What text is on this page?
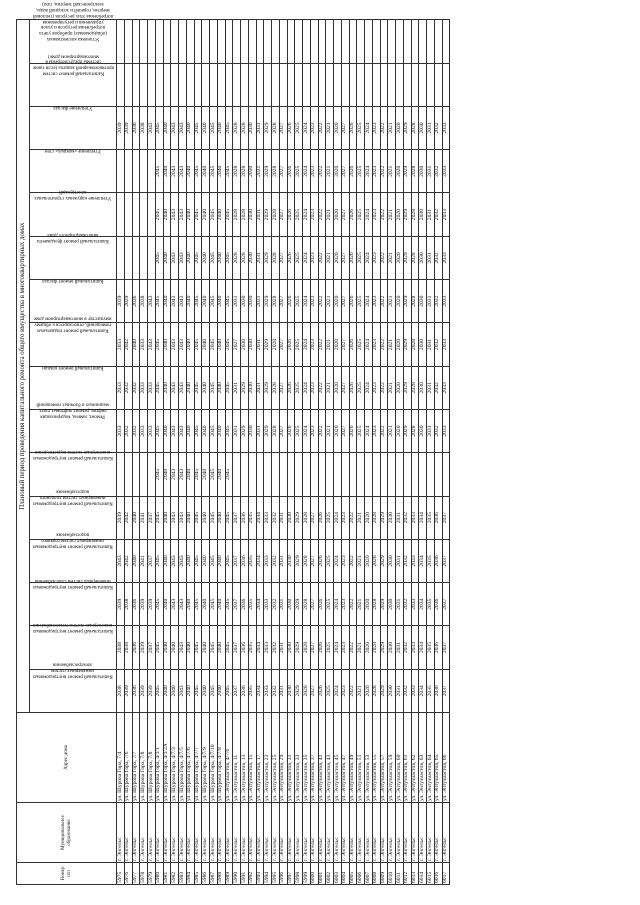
Номер п/п	Муниципальное образование	Адрес дома	Плановый период проведения капитального ремонта общего имущества в многоквартирных домах															
			Капитальный ремонт внутридомовых инженерных систем электроснабжения	Капитальный ремонт внутридомовых инженерных систем теплоснабжения	Капитальный ремонт внутридомовых инженерных систем газоснабжения	Капитальный ремонт внутридомовых инженерных систем горячего водоснабжения	Капитальный ремонт внутридомовых инженерных систем холодного водоснабжения	Капитальный ремонт внутридомовых инженерных систем водоотведения	Ремонт, замена, модернизация лифтов, ремонт лифтовых шахт, машинных и блочных помещений	Капитальный ремонт крыши	Капитальный ремонт подвальных помещений, относящихся к общему имуществу в многоквартирном доме	Капитальный ремонт фасада	Капитальный ремонт фундамента многоквартирного дома	Утепление наружных строительных конструкций	Утепление «мокрых» стен	Утепление фасада	Капитальный ремонт систем противопожарной защиты (если такие системы предусмотрены в многоквартирном доме)	Установка коллективных (общедомовых) приборов учёта потребления ресурсов и узлов управления и регулирования потребления этих ресурсов (тепловой энергии, горячей и холодной воды, электрической энергии, газа)
5975	г. Энгельс	ул. Шурова Гора, 7/4	2038	2038	2039	2043	2039		2033	2033	2033	2039				2039		
5976	г. Энгельс	ул. Шурова Гора, 7/6	2039	2038	2038	2042	2042		2032	2032	2042	2039				2039		
5977	г. Энгельс	ул. Шурова Гора, 7/7	2036	2036	2036	2040	2040		2032	2032	2040	2036				2036		
5978	г. Энгельс	ул. Шурова Гора, 7/8	2039	2039	2039	2041	2041		2033	2033	2033	2038				2038		
5979	г. Энгельс	ул. Шурова Гора, 7/8	2039	2037	2039	2037	2037		2033	2033	2043	2043				2043		
5980	г. Энгельс	ул. Шурова Гора, 4/1/1	2045	2045	2045	2045	2045	2045	2045	2045	2045	2045	2045	2045	2045	2045		
5981	г. Энгельс	ул. Шурова Гора, 4/1/2А	2040	2040	2040	2040	2040	2040	2040	2040	2040	2040	2040	2040	2040	2040		
5982	г. Энгельс	ул. Шурова Гора, 4/7/3	2040	2040	2043	2043	2043	2043	2043	2043	2043	2043	2043	2043	2043	2043		
5983	г. Энгельс	ул. Шурова Гора, 4/7/5	2043	2043	2043	2043	2043	2043	2043	2043	2043	2043	2043	2043	2043	2043		
5984	г. Энгельс	ул. Шурова Гора, 4/7/6	2040	2040	2040	2040	2040	2040	2040	2040	2040	2040	2040	2040	2040	2040		
5985	г. Энгельс	ул. Шурова Гора, 4/7/7	2045	2045	2045	2045	2045	2045	2045	2045	2045	2045	2045	2045	2045	2045		
5986	г. Энгельс	ул. Шурова Гора, 4/7/9	2040	2040	2040	2040	2040	2040	2040	2040	2040	2040	2040	2040	2040	2040		
5987	г. Энгельс	ул. Шурова Гора, 4/7/10	2045	2045	2045	2045	2045	2045	2045	2045	2045	2045	2045	2045	2045	2045		
5988	г. Энгельс	ул. Шурова Гора, 4/7/8	2040	2040	2040	2040	2040	2040	2040	2040	2040	2040	2040	2040	2040	2040		
5989	г. Энгельс	ул. Энтузиастов, 4/7/6	2045	2045	2045	2045	2045	2045	2045	2045	2045	2045	2045	2045	2045	2045		
5990	г. Энгельс	ул. Энтузиастов, 11	2037	2037	2037	2037	2037		2031	2031	2027	2031	2028	2028	2028	2028		
5991	г. Энгельс	ул. Энтузиастов, 13	2036	2036	2036	2036	2036		2029	2029	2030	2030	2028	2028	2028	2028		
5992	г. Энгельс	ул. Энтузиастов, 15	2035	2035	2035	2035	2035		2030	2030	2030	2030	2030	2030	2030	2030		
5993	г. Энгельс	ул. Энтузиастов, 17	2034	2034	2034	2034	2034		2031	2031	2031	2031	2031	2031	2031	2031		
5994	г. Энгельс	ул. Энтузиастов, 23	2033	2033	2033	2033	2033		2029	2029	2029	2029	2029	2029	2029	2029		
5995	г. Энгельс	ул. Энтузиастов, 25	2032	2032	2032	2032	2032		2028	2028	2028	2028	2028	2028	2028	2028		
5996	г. Энгельс	ул. Энтузиастов, 29	2031	2031	2031	2031	2031		2027	2027	2027	2027	2027	2027	2027	2027		
5997	г. Энгельс	ул. Энтузиастов, 31	2030	2030	2030	2030	2030		2026	2026	2026	2026	2026	2026	2026	2026		
5998	г. Энгельс	ул. Энтузиастов, 33	2029	2029	2029	2029	2029		2025	2025	2025	2025	2025	2025	2025	2025		
5999	г. Энгельс	ул. Энтузиастов, 35	2028	2028	2028	2028	2028		2024	2024	2024	2024	2024	2024	2024	2024		
6000	г. Энгельс	ул. Энтузиастов, 37	2027	2027	2027	2027	2027		2023	2023	2023	2023	2023	2023	2023	2023		
6001	г. Энгельс	ул. Энтузиастов, 41	2026	2026	2026	2026	2026		2022	2022	2022	2022	2022	2022	2022	2022		
6002	г. Энгельс	ул. Энтузиастов, 43	2025	2025	2025	2025	2025		2021	2021	2021	2021	2021	2021	2021	2021		
6003	г. Энгельс	ул. Энтузиастов, 45	2024	2024	2024	2024	2024		2020	2020	2020	2020	2020	2020	2020	2020		
6004	г. Энгельс	ул. Энтузиастов, 47	2023	2023	2023	2023	2023		2027	2027	2027	2027	2027	2027	2027	2027		
6005	г. Энгельс	ул. Энтузиастов, 49	2022	2022	2022	2022	2022		2026	2026	2026	2026	2026	2026	2026	2026		
6006	г. Энгельс	ул. Энтузиастов, 51	2021	2021	2021	2021	2021		2025	2025	2025	2025	2025	2025	2025	2025		
6007	г. Энгельс	ул. Энтузиастов, 53	2020	2020	2020	2020	2020		2024	2024	2024	2024	2024	2024	2024	2024		
6008	г. Энгельс	ул. Энтузиастов, 55	2028	2028	2028	2028	2028		2023	2023	2023	2023	2023	2023	2023	2023		
6009	г. Энгельс	ул. Энтузиастов, 57	2029	2029	2029	2029	2029		2022	2022	2022	2022	2022	2022	2022	2022		
6010	г. Энгельс	ул. Энтузиастов, 59	2030	2030	2030	2030	2030		2021	2021	2021	2021	2021	2021	2021	2021		
6011	г. Энгельс	ул. Энтузиастов, 60	2031	2031	2031	2031	2031		2020	2020	2020	2020	2020	2020	2020	2020		
6012	г. Энгельс	ул. Энтузиастов, 61	2032	2032	2032	2032	2032		2029	2029	2029	2029	2029	2029	2029	2029		
6013	г. Энгельс	ул. Энтузиастов, 62	2033	2033	2033	2033	2033		2028	2028	2028	2028	2028	2028	2028	2028		
6014	г. Энгельс	ул. Энтузиастов, 63	2034	2034	2034	2034	2034		2030	2030	2030	2030	2030	2030	2030	2030		
6015	г. Энгельс	ул. Энтузиастов, 64	2035	2035	2035	2035	2035		2031	2031	2031	2031	2031	2031	2031	2031		
6016	г. Энгельс	ул. Энтузиастов, 65	2036	2036	2036	2036	2036		2032	2032	2032	2032	2032	2032	2032	2032		
6017	г. Энгельс	ул. Энтузиастов, 66	2037	2037	2037	2037	2037		2033	2033	2033	2033	2033	2033	2033	2033		
